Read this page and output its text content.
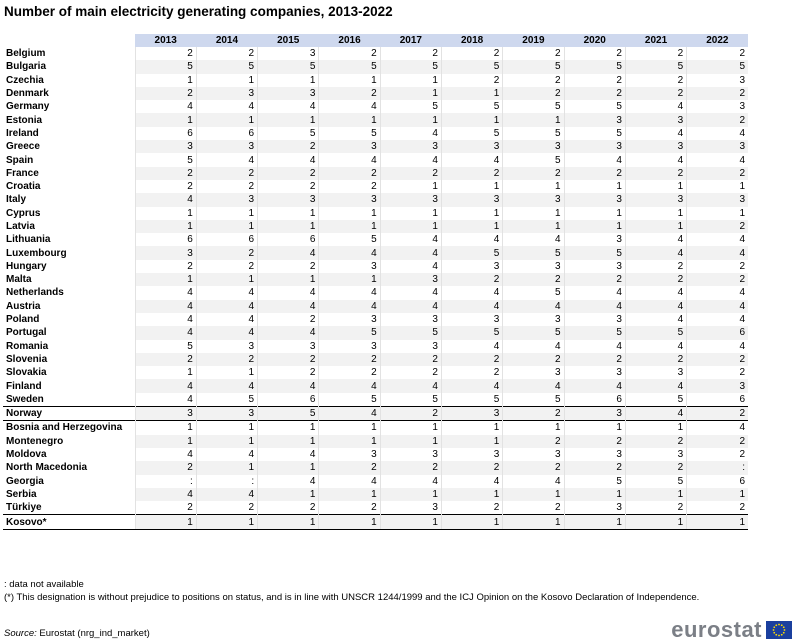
Number of main electricity generating companies, 2013-2022
	2013	2014	2015	2016	2017	2018	2019	2020	2021	2022
Belgium	2	2	3	2	2	2	2	2	2	2
Bulgaria	5	5	5	5	5	5	5	5	5	5
Czechia	1	1	1	1	1	2	2	2	2	3
Denmark	2	3	3	2	1	1	2	2	2	2
Germany	4	4	4	4	5	5	5	5	4	3
Estonia	1	1	1	1	1	1	1	3	3	2
Ireland	6	6	5	5	4	5	5	5	4	4
Greece	3	3	2	3	3	3	3	3	3	3
Spain	5	4	4	4	4	4	5	4	4	4
France	2	2	2	2	2	2	2	2	2	2
Croatia	2	2	2	2	1	1	1	1	1	1
Italy	4	3	3	3	3	3	3	3	3	3
Cyprus	1	1	1	1	1	1	1	1	1	1
Latvia	1	1	1	1	1	1	1	1	1	2
Lithuania	6	6	6	5	4	4	4	3	4	4
Luxembourg	3	2	4	4	4	5	5	5	4	4
Hungary	2	2	2	3	4	3	3	3	2	2
Malta	1	1	1	1	3	2	2	2	2	2
Netherlands	4	4	4	4	4	4	5	4	4	4
Austria	4	4	4	4	4	4	4	4	4	4
Poland	4	4	2	3	3	3	3	3	4	4
Portugal	4	4	4	5	5	5	5	5	5	6
Romania	5	3	3	3	3	4	4	4	4	4
Slovenia	2	2	2	2	2	2	2	2	2	2
Slovakia	1	1	2	2	2	2	3	3	3	2
Finland	4	4	4	4	4	4	4	4	4	3
Sweden	4	5	6	5	5	5	5	6	5	6
Norway	3	3	5	4	2	3	2	3	4	2
Bosnia and Herzegovina	1	1	1	1	1	1	1	1	1	4
Montenegro	1	1	1	1	1	1	2	2	2	2
Moldova	4	4	4	3	3	3	3	3	3	2
North Macedonia	2	1	1	2	2	2	2	2	2	:
Georgia	:	:	4	4	4	4	4	5	5	6
Serbia	4	4	1	1	1	1	1	1	1	1
Türkiye	2	2	2	2	3	2	2	3	2	2
Kosovo*	1	1	1	1	1	1	1	1	1	1
: data not available
(*) This designation is without prejudice to positions on status, and is in line with UNSCR 1244/1999 and the ICJ Opinion on the Kosovo Declaration of Independence.
Source: Eurostat (nrg_ind_market)	eurostat
